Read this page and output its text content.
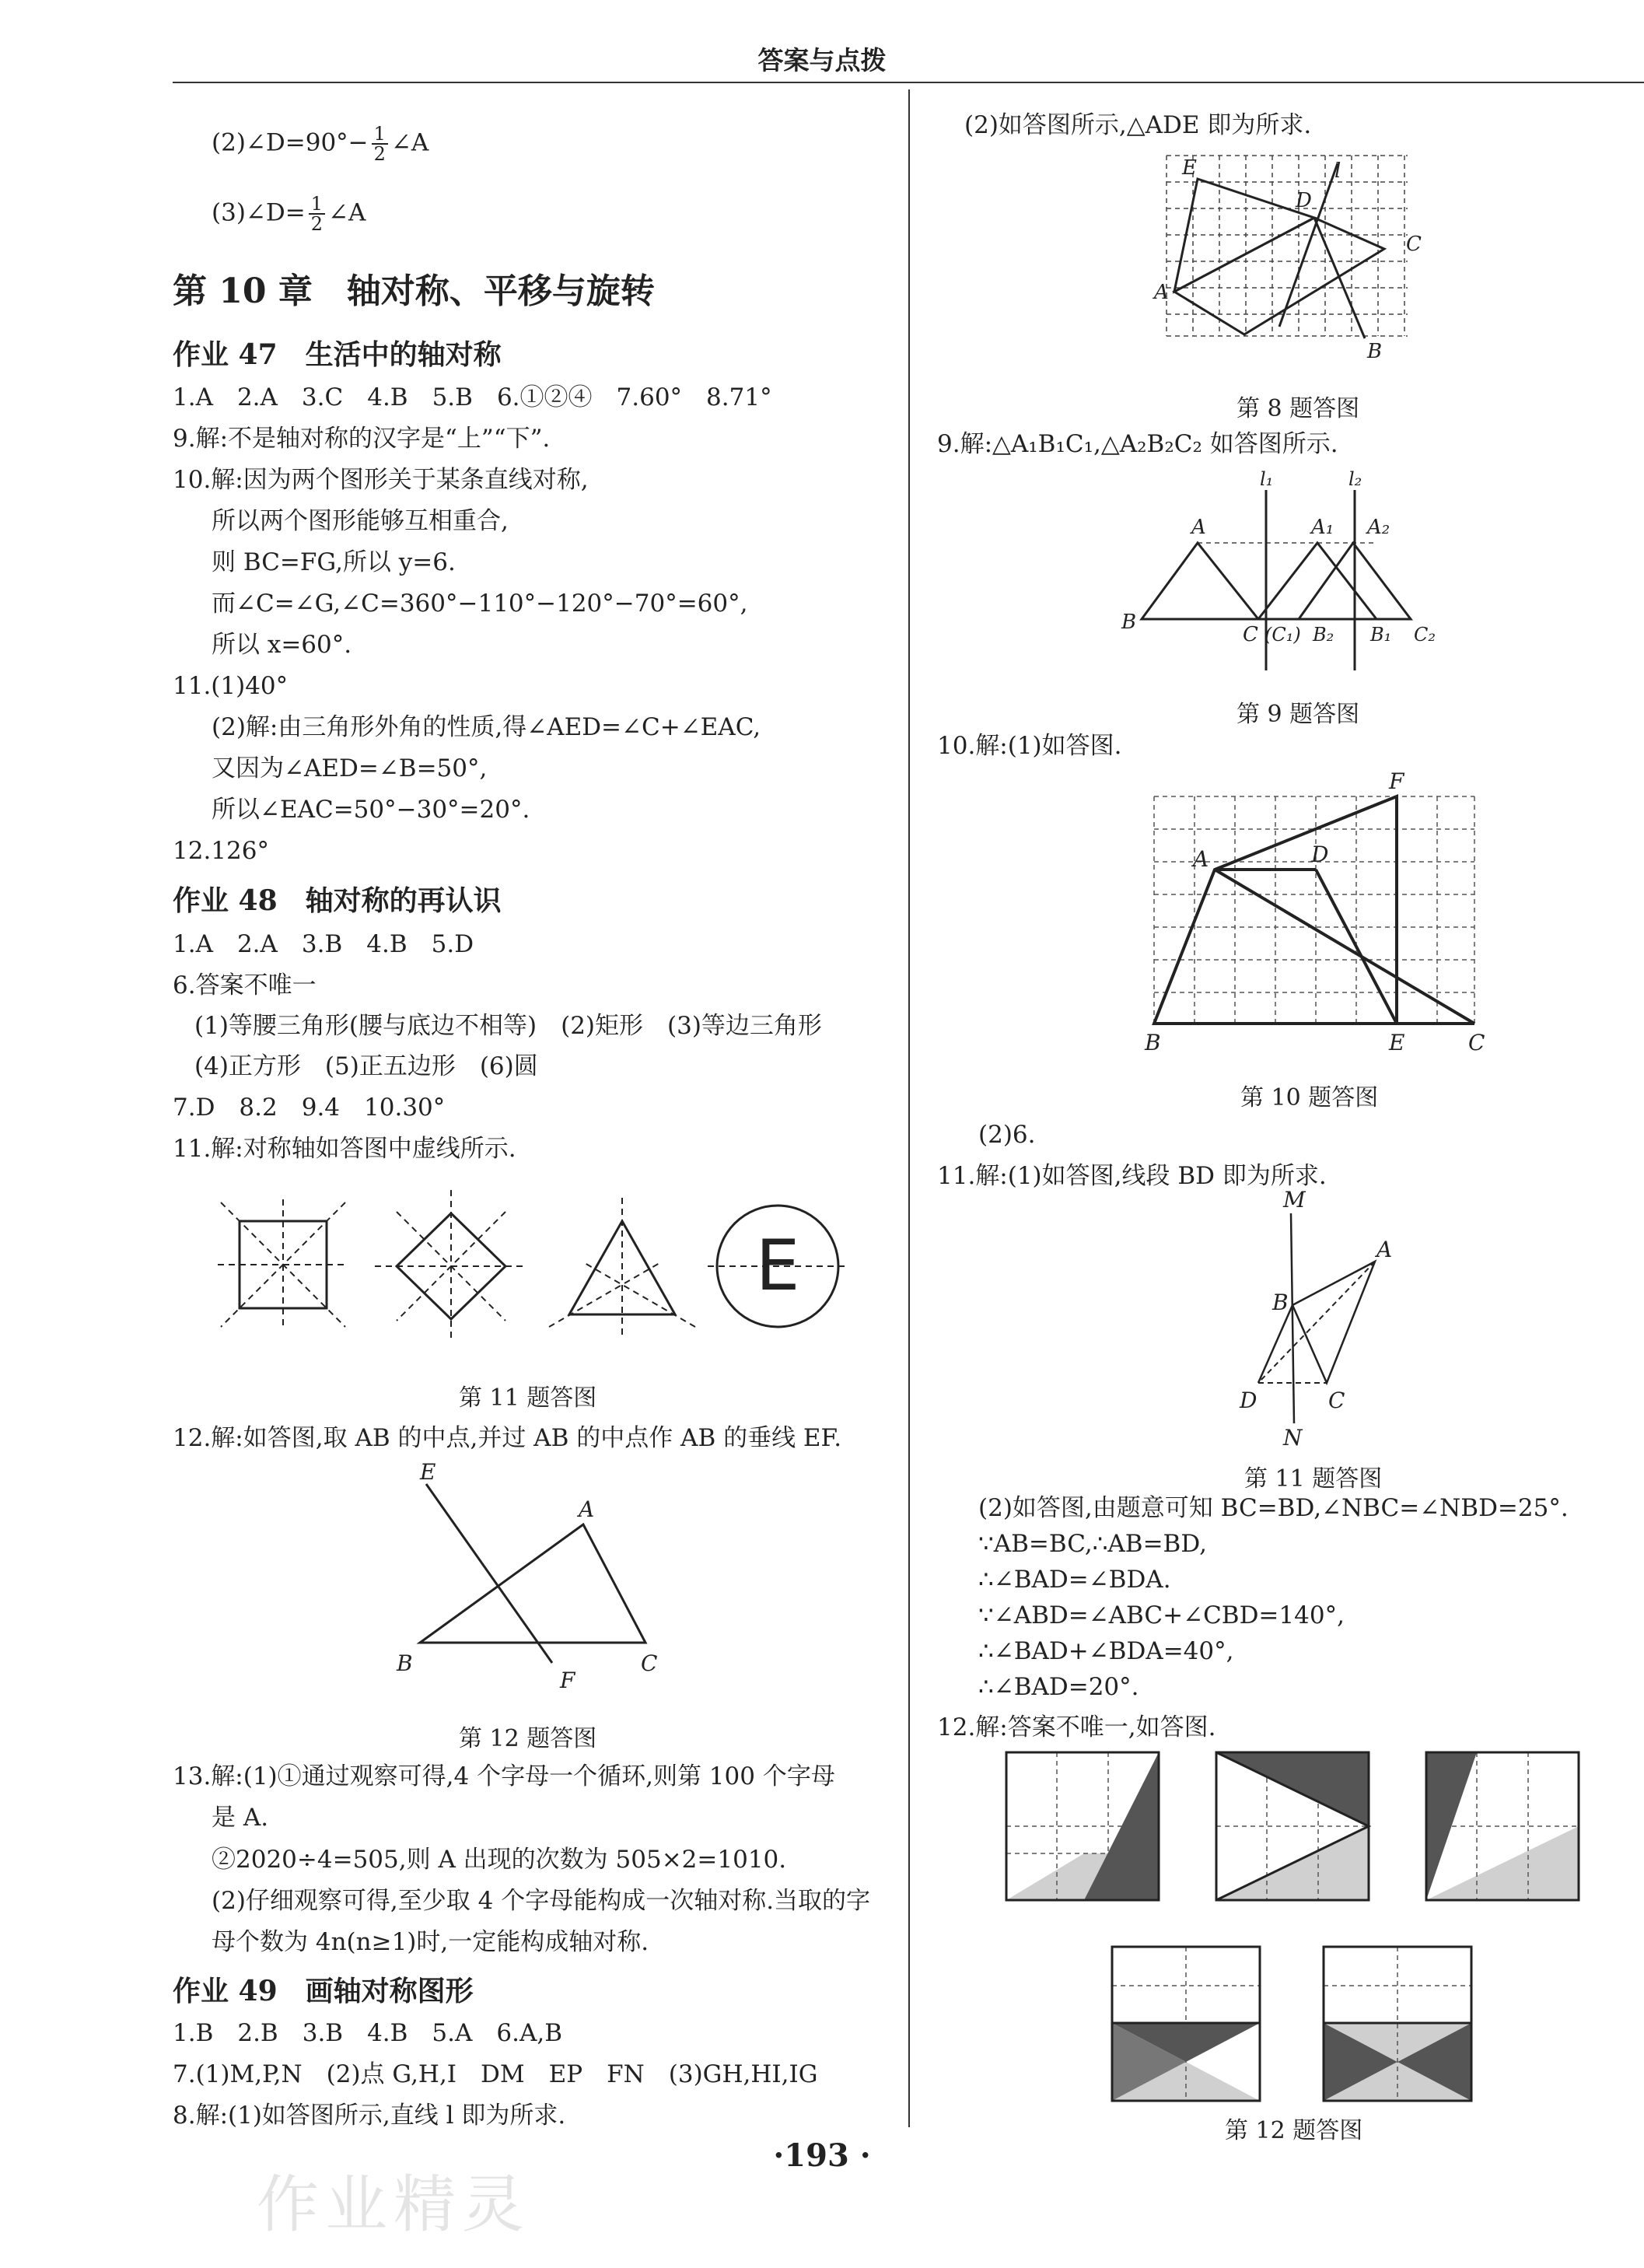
答案与点拨
(2)∠D=90°− $\frac{1}{2}$ ∠A
(3)∠D= $\frac{1}{2}$ ∠A
第 10 章　轴对称、平移与旋转
作业 47　生活中的轴对称
1.A　2.A　3.C　4.B　5.B　6.①②④　7.60°　8.71°
9.解:不是轴对称的汉字是“上”“下”.
10.解:因为两个图形关于某条直线对称,
所以两个图形能够互相重合,
则 BC=FG,所以 y=6.
而∠C=∠G,∠C=360°−110°−120°−70°=60°,
所以 x=60°.
11.(1)40°
(2)解:由三角形外角的性质,得∠AED=∠C+∠EAC,
又因为∠AED=∠B=50°,
所以∠EAC=50°−30°=20°.
12.126°
作业 48　轴对称的再认识
1.A　2.A　3.B　4.B　5.D
6.答案不唯一
(1)等腰三角形(腰与底边不相等)　(2)矩形　(3)等边三角形
(4)正方形　(5)正五边形　(6)圆
7.D　8.2　9.4　10.30°
11.解:对称轴如答图中虚线所示.
E
第 11 题答图
12.解:如答图,取 AB 的中点,并过 AB 的中点作 AB 的垂线 EF.
E
A
B
F
C
第 12 题答图
13.解:(1)①通过观察可得,4 个字母一个循环,则第 100 个字母
是 A.
②2020÷4=505,则 A 出现的次数为 505×2=1010.
(2)仔细观察可得,至少取 4 个字母能构成一次轴对称.当取的字
母个数为 4n(n≥1)时,一定能构成轴对称.
作业 49　画轴对称图形
1.B　2.B　3.B　4.B　5.A　6.A,B
7.(1)M,P,N　(2)点 G,H,I　DM　EP　FN　(3)GH,HI,IG
8.解:(1)如答图所示,直线 l 即为所求.
(2)如答图所示,△ADE 即为所求.
E
D
l
C
A
B
第 8 题答图
9.解:△A₁B₁C₁,△A₂B₂C₂ 如答图所示.
l₁	l₂
A	A₁ A₂
B
C (C₁) B₂ B₁ C₂
第 9 题答图
10.解:(1)如答图.
F
A	D
B	E	C
第 10 题答图
(2)6.
11.解:(1)如答图,线段 BD 即为所求.
M
A
B
D	C
N
第 11 题答图
(2)如答图,由题意可知 BC=BD,∠NBC=∠NBD=25°.
∵AB=BC,∴AB=BD,
∴∠BAD=∠BDA.
∵∠ABD=∠ABC+∠CBD=140°,
∴∠BAD+∠BDA=40°,
∴∠BAD=20°.
12.解:答案不唯一,如答图.
第 12 题答图
·193 ·
作业精灵
